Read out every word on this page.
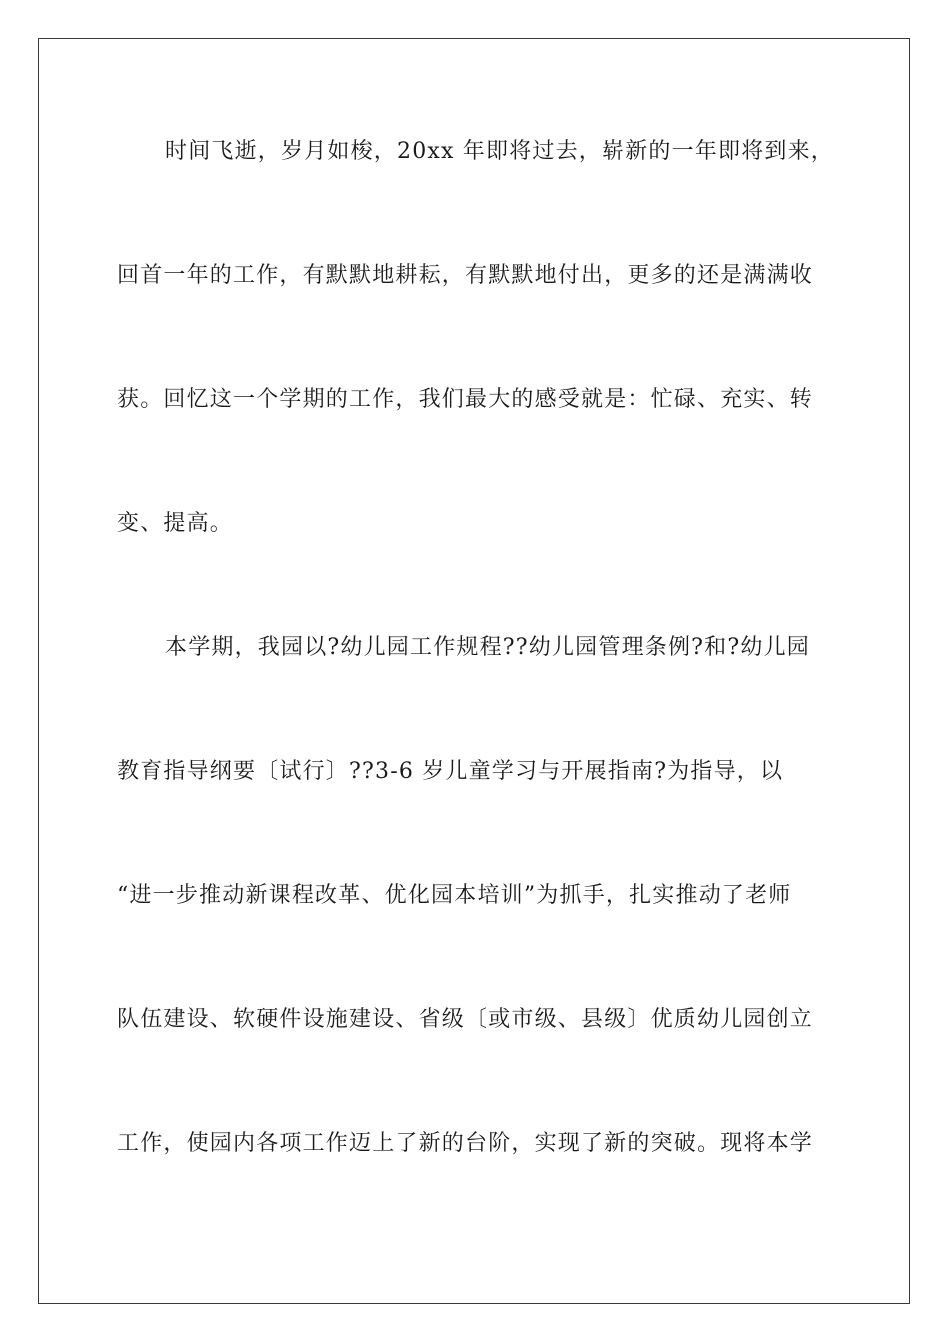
时间飞逝，岁月如梭，20xx 年即将过去，崭新的一年即将到来，
回首一年的工作，有默默地耕耘，有默默地付出，更多的还是满满收
获。回忆这一个学期的工作，我们最大的感受就是：忙碌、充实、转
变、提高。
本学期，我园以?幼儿园工作规程??幼儿园管理条例?和?幼儿园
教育指导纲要〔试行〕??3-6 岁儿童学习与开展指南?为指导，以
“进一步推动新课程改革、优化园本培训”为抓手，扎实推动了老师
队伍建设、软硬件设施建设、省级〔或市级、县级〕优质幼儿园创立
工作，使园内各项工作迈上了新的台阶，实现了新的突破。现将本学
